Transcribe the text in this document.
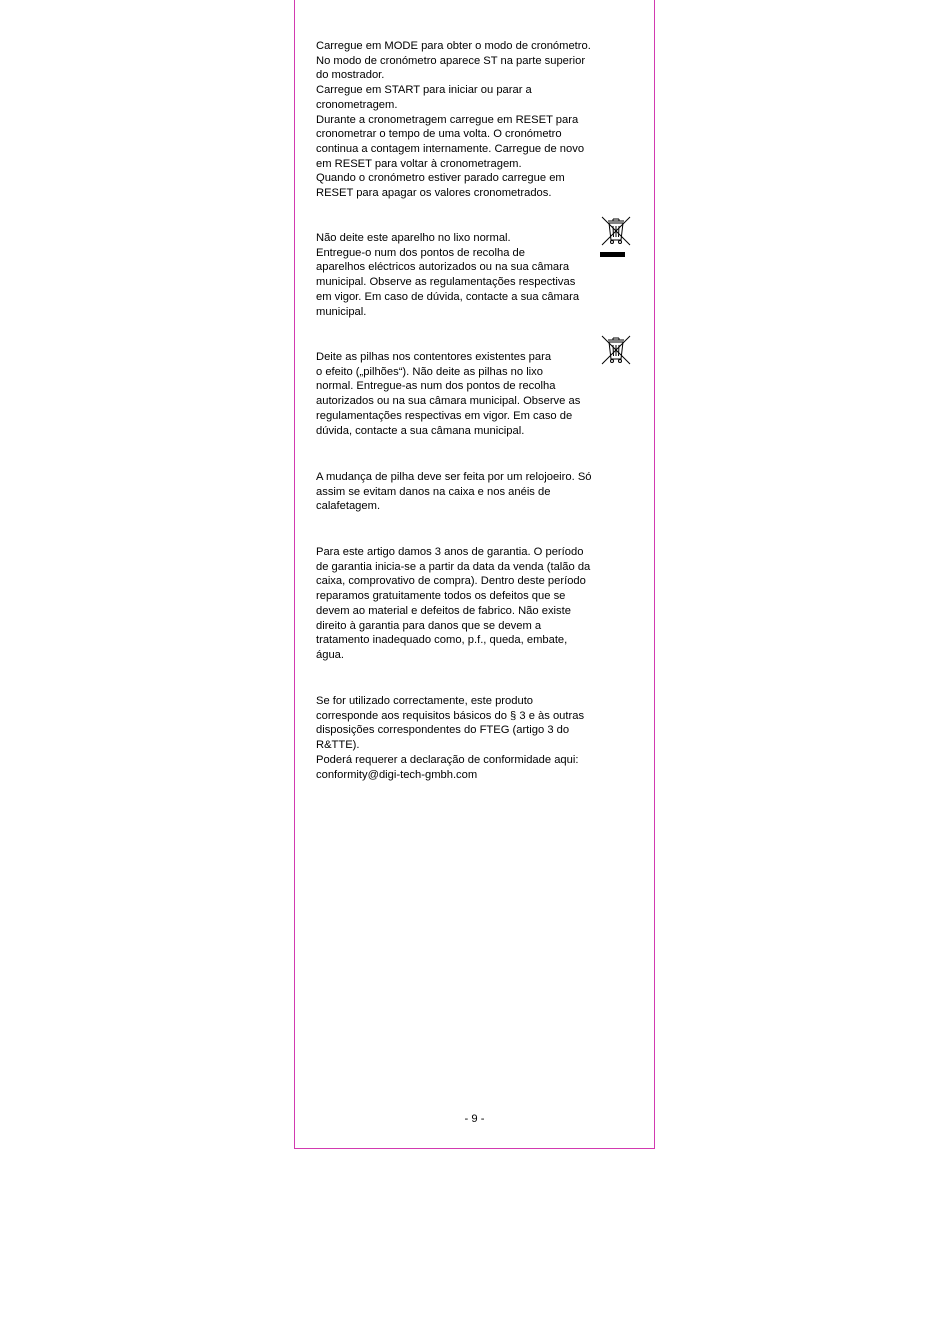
Carregue em MODE para obter o modo de cronómetro.
No modo de cronómetro aparece ST na parte superior
do mostrador.
Carregue em START para iniciar ou parar a
cronometragem.
Durante a cronometragem carregue em RESET para
cronometrar o tempo de uma volta. O cronómetro
continua a contagem internamente. Carregue de novo
em RESET para voltar à cronometragem.
Quando o cronómetro estiver parado carregue em
RESET para apagar os valores cronometrados.

Não deite este aparelho no lixo normal.
Entregue-o num dos pontos de recolha de
aparelhos eléctricos autorizados ou na sua câmara
municipal. Observe as regulamentações respectivas
em vigor. Em caso de dúvida, contacte a sua câmara
municipal.

Deite as pilhas nos contentores existentes para
o efeito („pilhões“). Não deite as pilhas no lixo
normal. Entregue-as num dos pontos de recolha
autorizados ou na sua câmara municipal. Observe as
regulamentações respectivas em vigor. Em caso de
dúvida, contacte a sua câmana municipal.

A mudança de pilha deve ser feita por um relojoeiro. Só
assim se evitam danos na caixa e nos anéis de
calafetagem.

Para este artigo damos 3 anos de garantia. O período
de garantia inicia-se a partir da data da venda (talão da
caixa, comprovativo de compra). Dentro deste período
reparamos gratuitamente todos os defeitos que se
devem ao material e defeitos de fabrico. Não existe
direito à garantia para danos que se devem a
tratamento inadequado como, p.f., queda, embate,
água.

Se for utilizado correctamente, este produto
corresponde aos requisitos básicos do § 3 e às outras
disposições correspondentes do FTEG (artigo 3 do
R&TTE).
Poderá requerer a declaração de conformidade aqui:
conformity@digi-tech-gmbh.com

- 9 -
